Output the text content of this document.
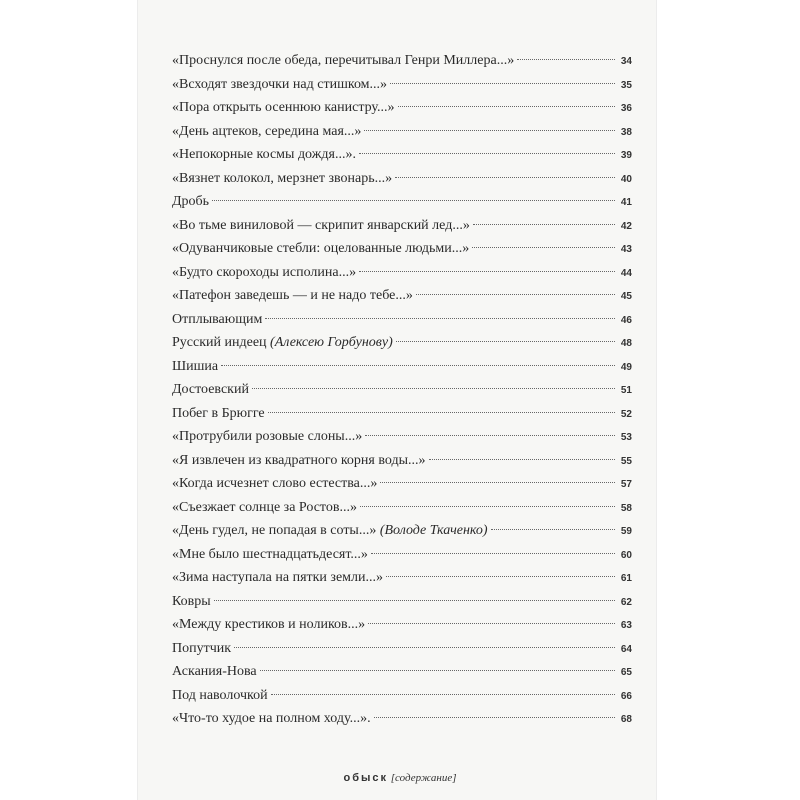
«Проснулся после обеда, перечитывал Генри Миллера...»	34
«Всходят звездочки над стишком...»	35
«Пора открыть осеннюю канистру...»	36
«День ацтеков, середина мая...»	38
«Непокорные космы дождя...».	39
«Вязнет колокол, мерзнет звонарь...»	40
Дробь	41
«Во тьме виниловой — скрипит январский лед...»	42
«Одуванчиковые стебли: оцелованные людьми...»	43
«Будто скороходы исполина...»	44
«Патефон заведешь — и не надо тебе...»	45
Отплывающим	46
Русский индеец (Алексею Горбунову)	48
Шишиа	49
Достоевский	51
Побег в Брюгге	52
«Протрубили розовые слоны...»	53
«Я извлечен из квадратного корня воды...»	55
«Когда исчезнет слово естества...»	57
«Съезжает солнце за Ростов...»	58
«День гудел, не попадая в соты...» (Володе Ткаченко)	59
«Мне было шестнадцатьдесят...»	60
«Зима наступала на пятки земли...»	61
Ковры	62
«Между крестиков и ноликов...»	63
Попутчик	64
Аскания-Нова	65
Под наволочкой	66
«Что-то худое на полном ходу...».	68
обыск [содержание]
